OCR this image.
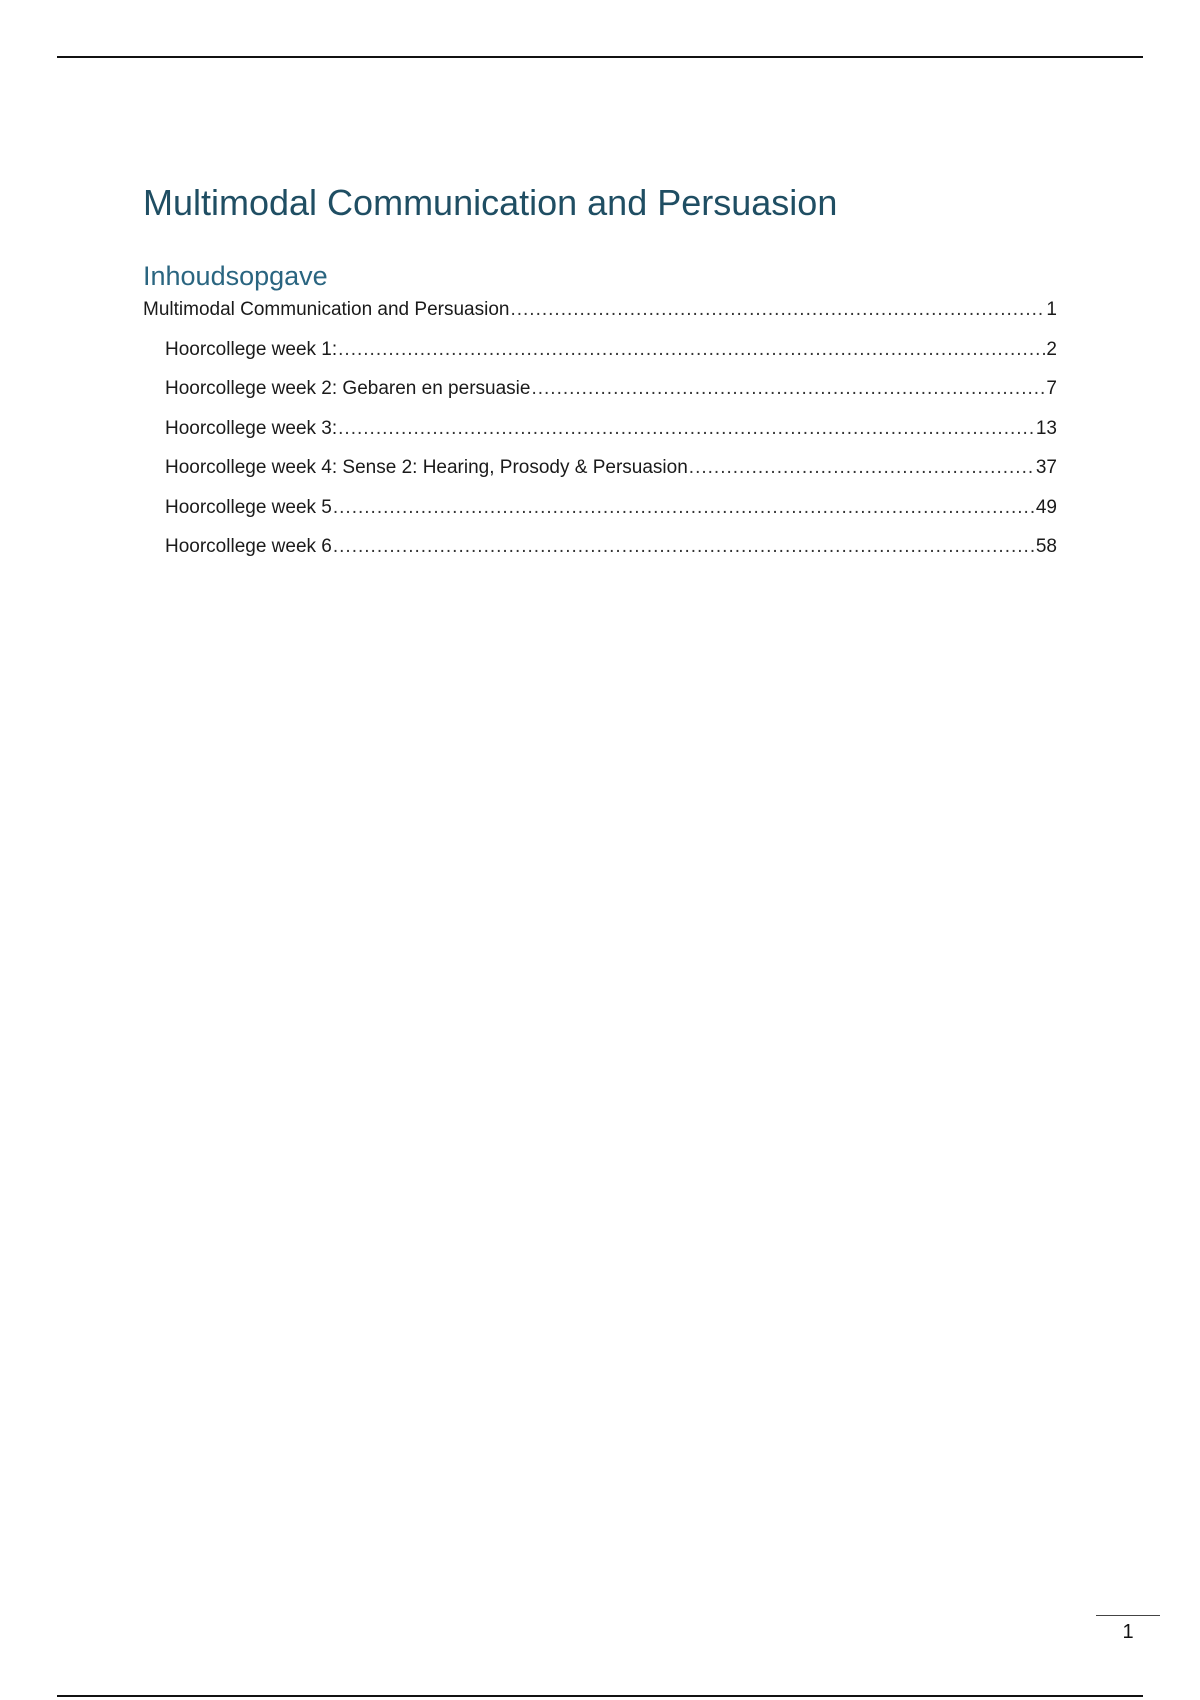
Multimodal Communication and Persuasion
Inhoudsopgave
Multimodal Communication and Persuasion .....	1
Hoorcollege week 1: .....	2
Hoorcollege week 2: Gebaren en persuasie .....	7
Hoorcollege week 3: .....	13
Hoorcollege week 4: Sense 2: Hearing, Prosody & Persuasion .....	37
Hoorcollege week 5 .....	49
Hoorcollege week 6 .....	58
1
